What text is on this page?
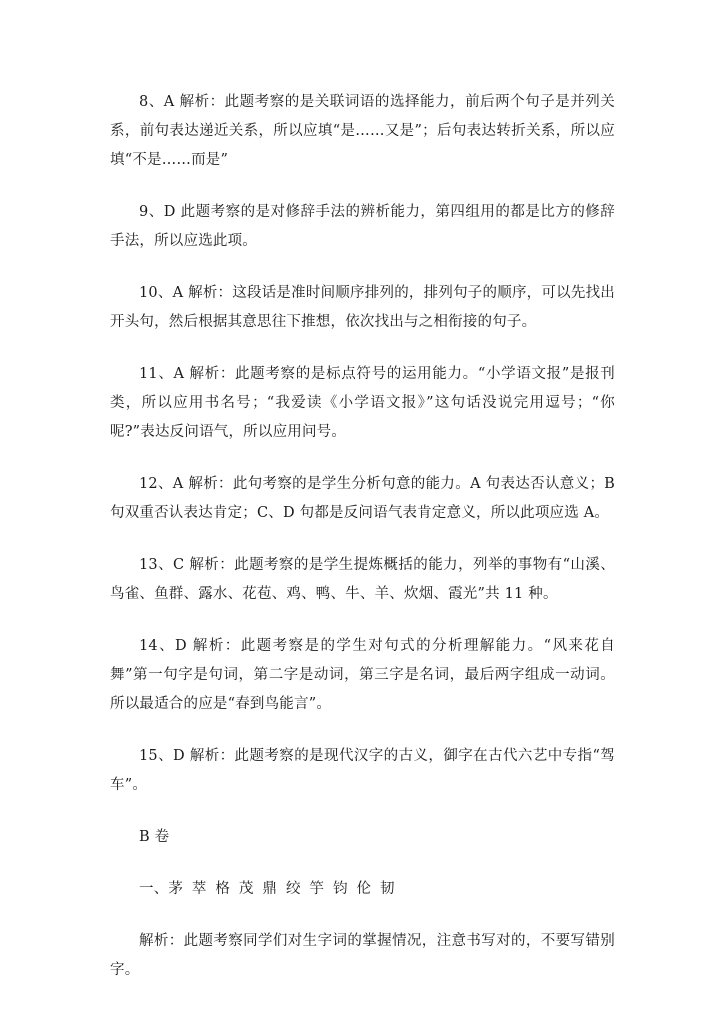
8、A 解析：此题考察的是关联词语的选择能力，前后两个句子是并列关系，前句表达递近关系，所以应填“是……又是”；后句表达转折关系，所以应填“不是……而是”

9、D 此题考察的是对修辞手法的辨析能力，第四组用的都是比方的修辞手法，所以应选此项。

10、A 解析：这段话是准时间顺序排列的，排列句子的顺序，可以先找出开头句，然后根据其意思往下推想，依次找出与之相衔接的句子。

11、A 解析：此题考察的是标点符号的运用能力。“小学语文报”是报刊类，所以应用书名号；“我爱读《小学语文报》”这句话没说完用逗号；“你呢?”表达反问语气，所以应用问号。

12、A 解析：此句考察的是学生分析句意的能力。A 句表达否认意义；B 句双重否认表达肯定；C、D 句都是反问语气表肯定意义，所以此项应选 A。

13、C 解析：此题考察的是学生提炼概括的能力，列举的事物有“山溪、鸟雀、鱼群、露水、花苞、鸡、鸭、牛、羊、炊烟、霞光”共 11 种。

14、D 解析：此题考察是的学生对句式的分析理解能力。“风来花自舞”第一句字是句词，第二字是动词，第三字是名词，最后两字组成一动词。所以最适合的应是“春到鸟能言”。

15、D 解析：此题考察的是现代汉字的古义，御字在古代六艺中专指“驾车”。

B 卷

一、茅 萃 格 茂 鼎 绞 竽 钧 伦 韧

解析：此题考察同学们对生字词的掌握情况，注意书写对的，不要写错别字。
